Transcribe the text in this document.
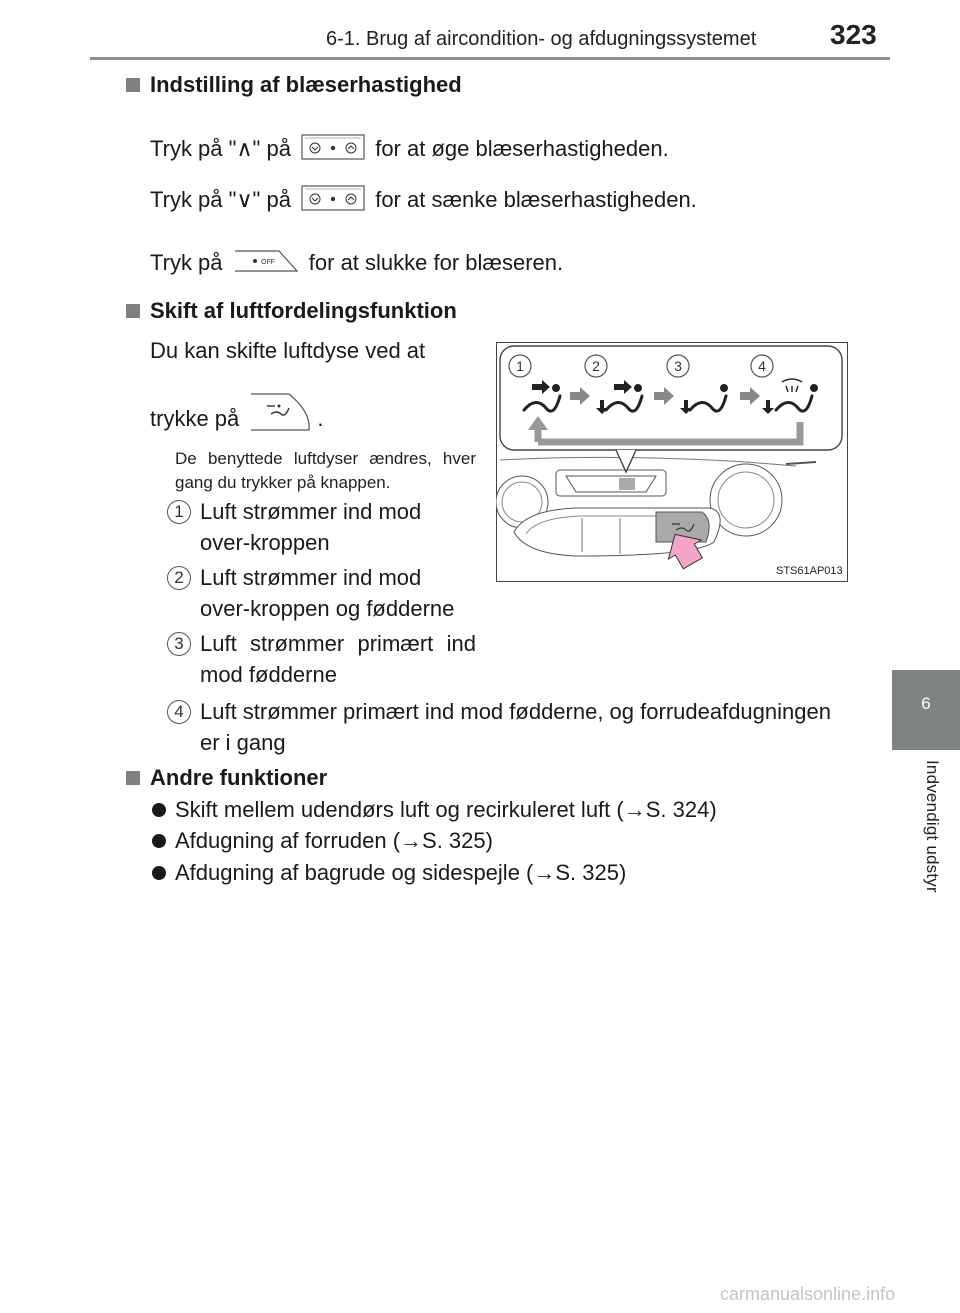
6-1. Brug af aircondition- og afdugningssystemet	323
6
Indvendigt udstyr
Indstilling af blæserhastighed
Tryk på "∧" på	for at øge blæserhastigheden.
Tryk på "∨" på	for at sænke blæserhastigheden.
Tryk på	OFF for at slukke for blæseren.
Skift af luftfordelingsfunktion
Du kan skifte luftdyse ved at
trykke på	.
De benyttede luftdyser ændres, hver gang du trykker på knappen.
1 Luft strømmer ind mod over-kroppen
2 Luft strømmer ind mod over-kroppen og fødderne
3 Luft strømmer primært ind mod fødderne
4 Luft strømmer primært ind mod fødderne, og forrudeafdugningen er i gang
1	2	3	4
STS61AP013
Andre funktioner
Skift mellem udendørs luft og recirkuleret luft (→S. 324)
Afdugning af forruden (→S. 325)
Afdugning af bagrude og sidespejle (→S. 325)
carmanualsonline.info
